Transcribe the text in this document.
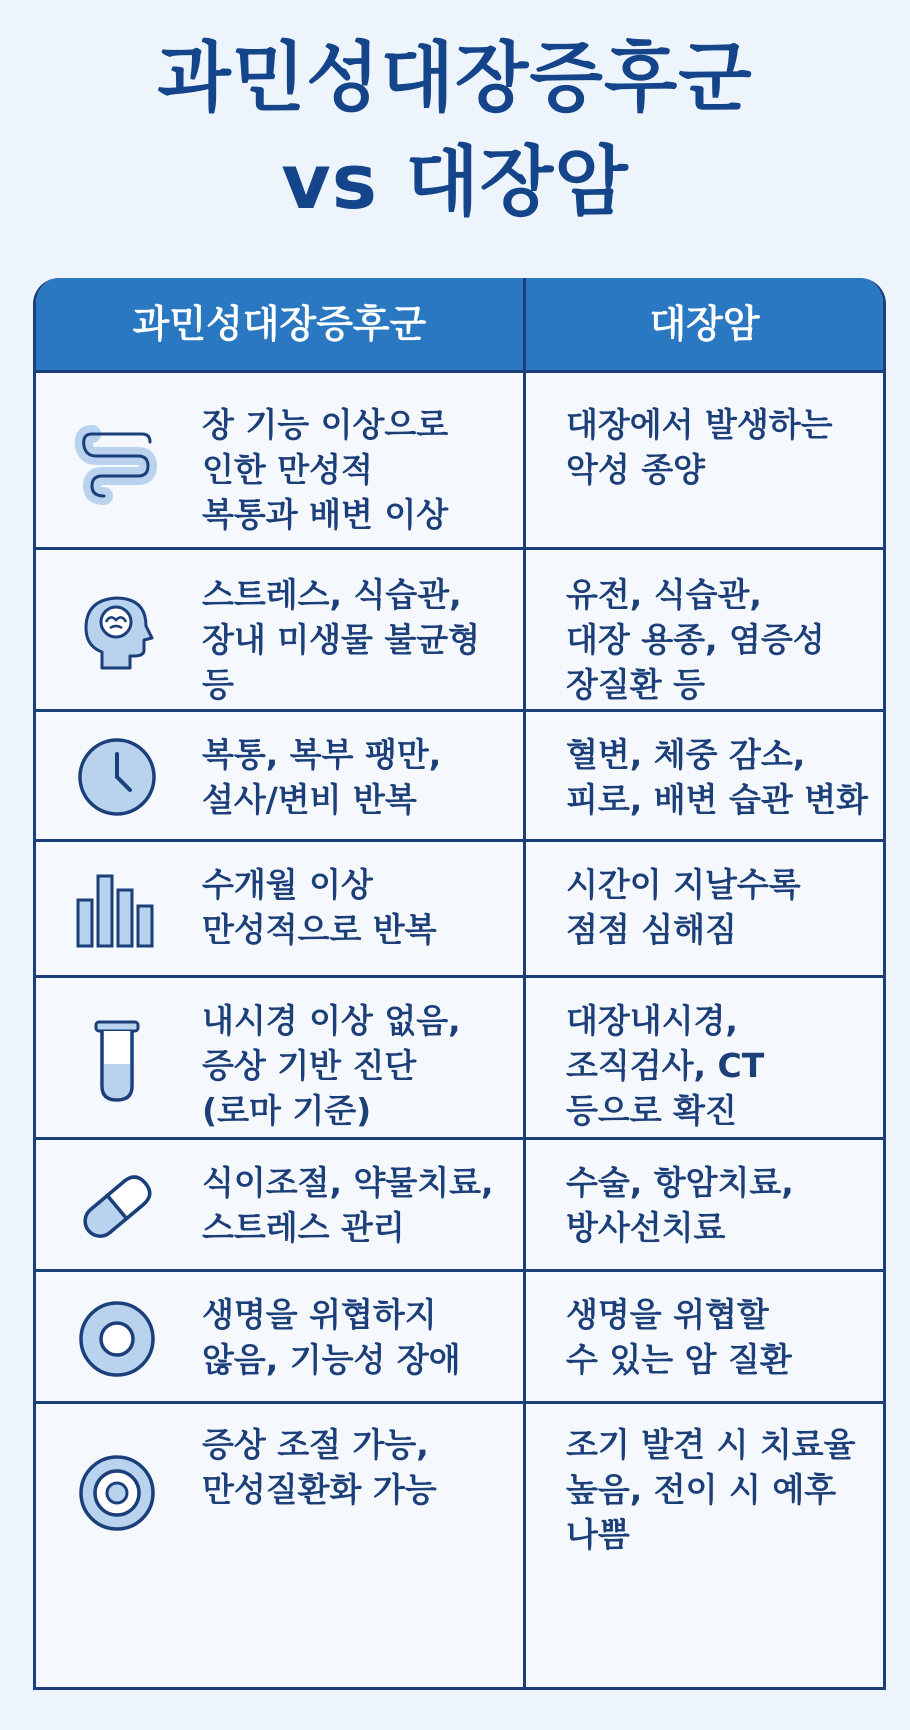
과민성대장증후군
vs 대장암
과민성대장증후군	대장암
장 기능 이상으로
인한 만성적
복통과 배변 이상
대장에서 발생하는
악성 종양
스트레스, 식습관,
장내 미생물 불균형
등
유전, 식습관,
대장 용종, 염증성
장질환 등
복통, 복부 팽만,
설사/변비 반복
혈변, 체중 감소,
피로, 배변 습관 변화
수개월 이상
만성적으로 반복
시간이 지날수록
점점 심해짐
내시경 이상 없음,
증상 기반 진단
(로마 기준)
대장내시경,
조직검사, CT
등으로 확진
식이조절, 약물치료,
스트레스 관리
수술, 항암치료,
방사선치료
생명을 위협하지
않음, 기능성 장애
생명을 위협할
수 있는 암 질환
증상 조절 가능,
만성질환화 가능
조기 발견 시 치료율
높음, 전이 시 예후
나쁨
